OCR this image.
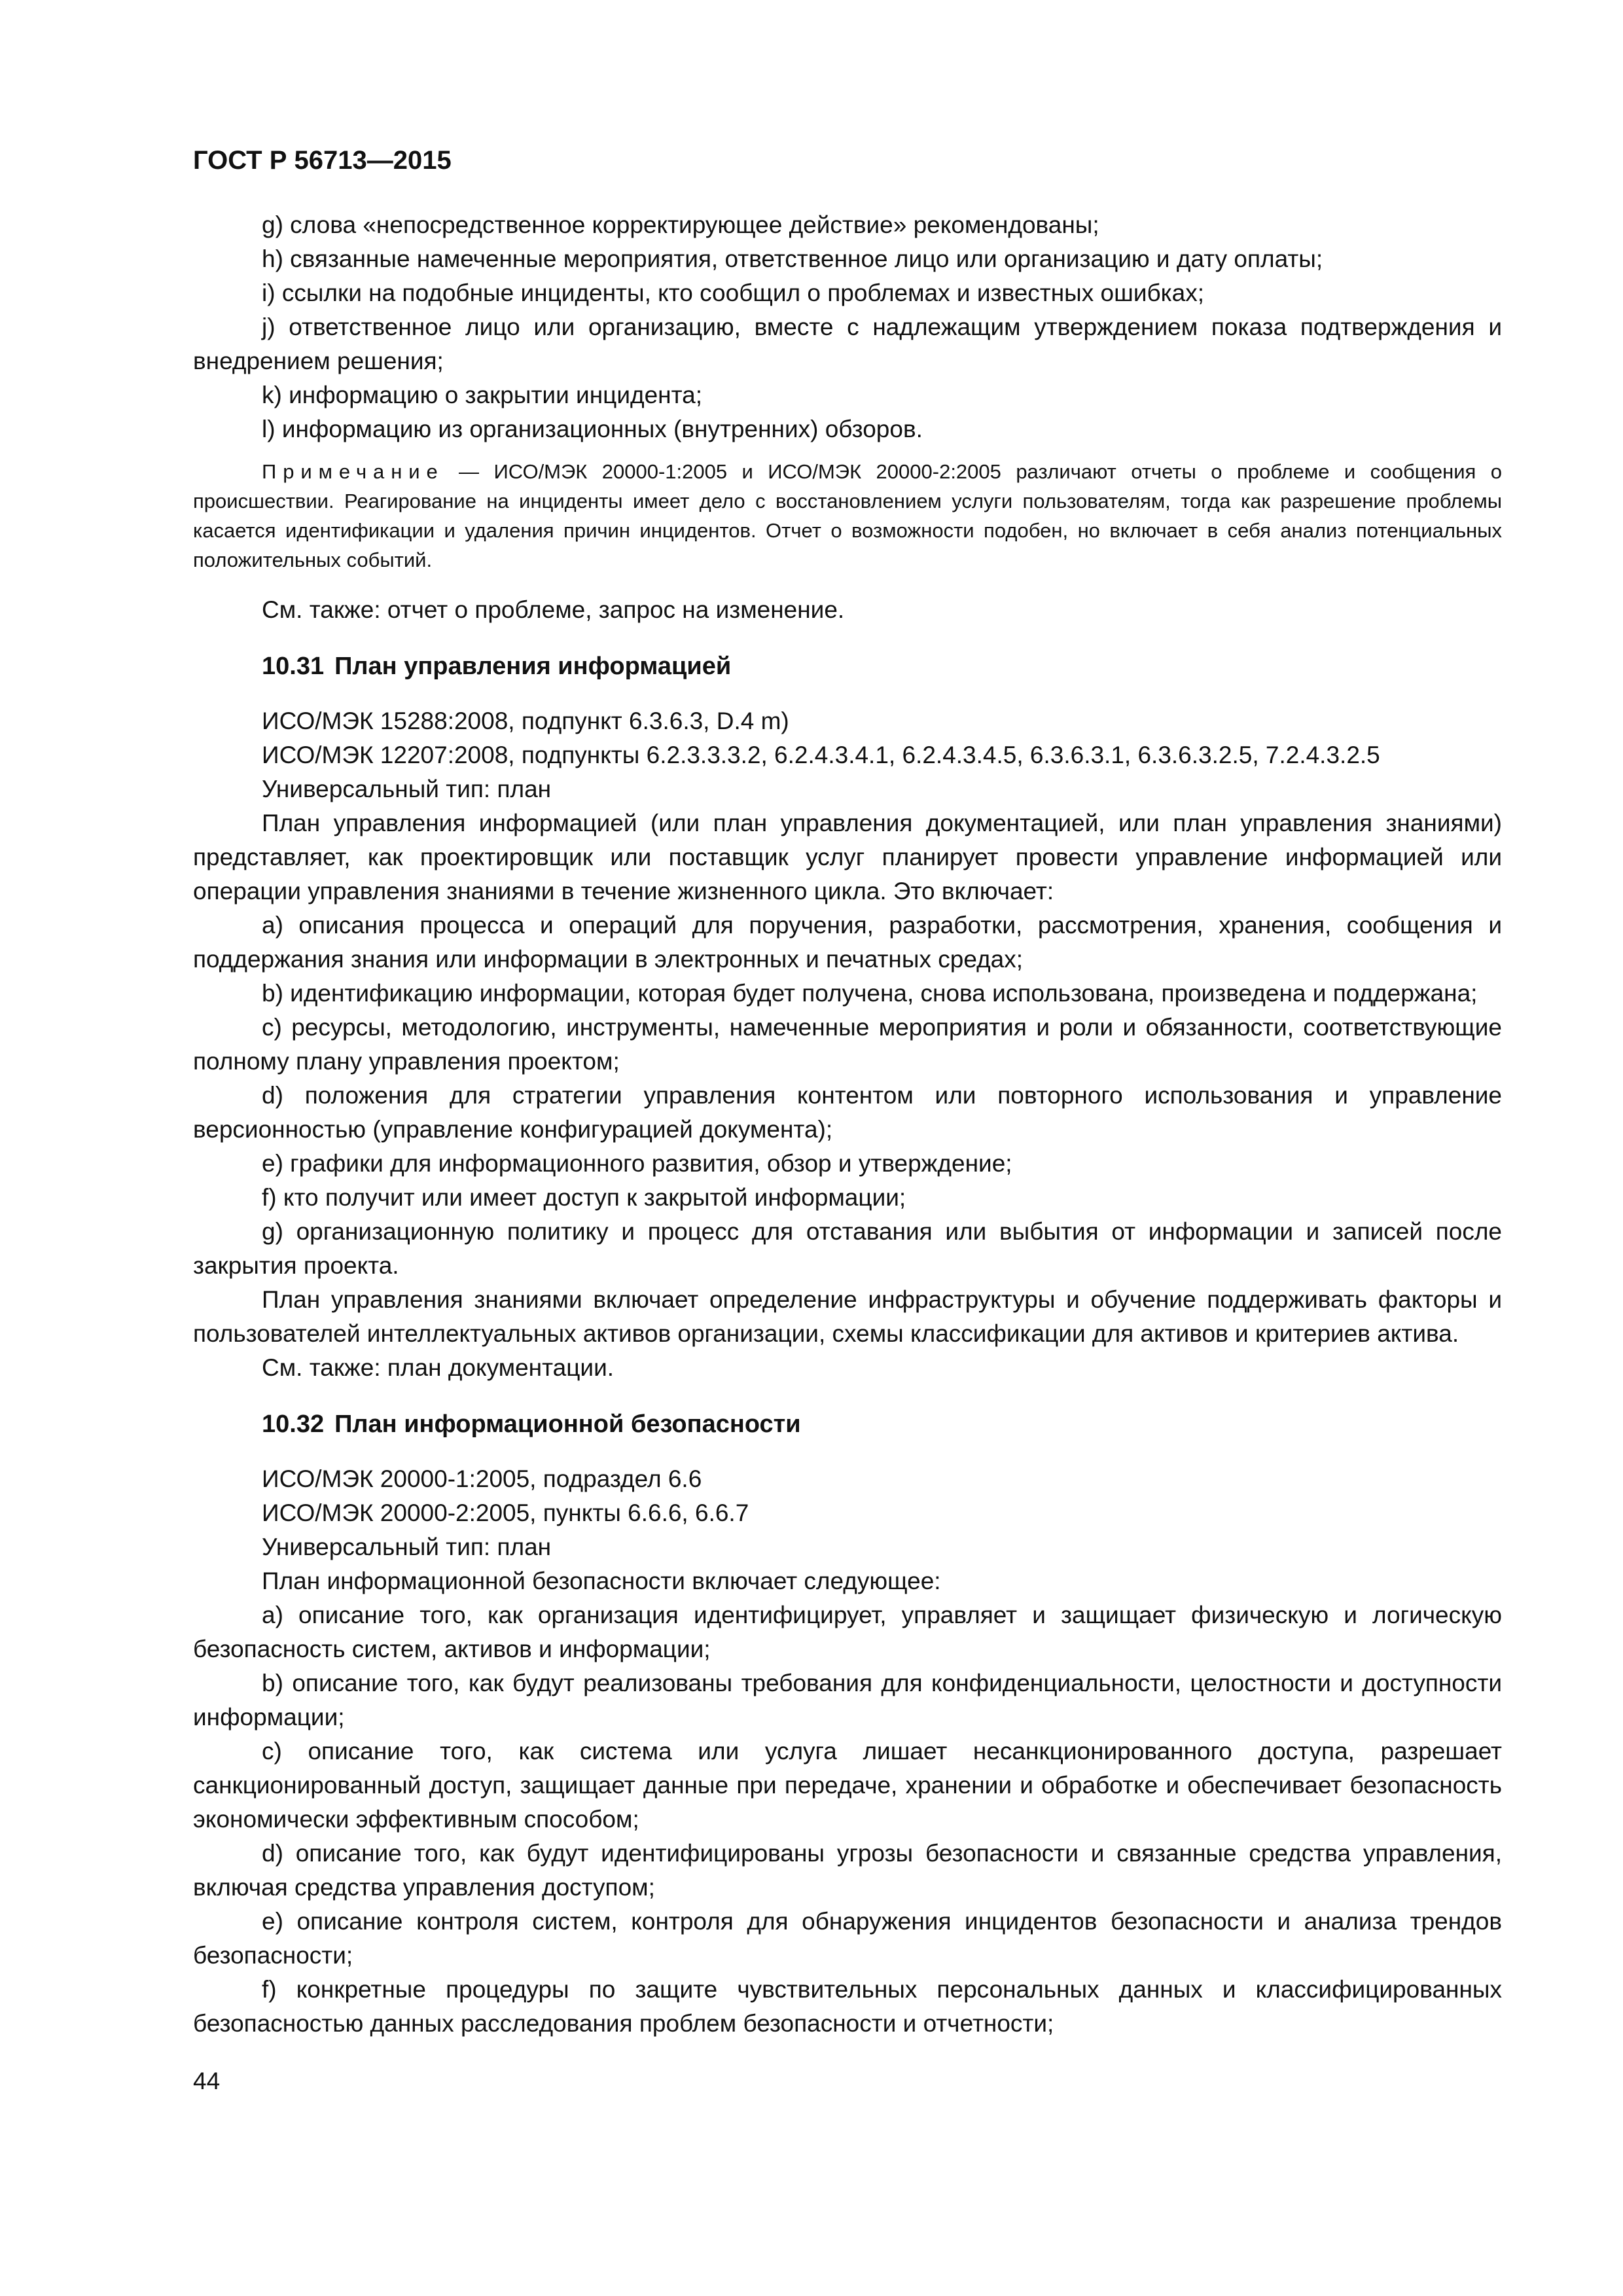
ГОСТ Р 56713—2015

g) слова «непосредственное корректирующее действие» рекомендованы;

h) связанные намеченные мероприятия, ответственное лицо или организацию и дату оплаты;

i) ссылки на подобные инциденты, кто сообщил о проблемах и известных ошибках;

j) ответственное лицо или организацию, вместе с надлежащим утверждением показа подтверждения и внедрением решения;

k) информацию о закрытии инцидента;

l) информацию из организационных (внутренних) обзоров.

Примечание — ИСО/МЭК 20000-1:2005 и ИСО/МЭК 20000-2:2005 различают отчеты о проблеме и сообщения о происшествии. Реагирование на инциденты имеет дело с восстановлением услуги пользователям, тогда как разрешение проблемы касается идентификации и удаления причин инцидентов. Отчет о возможности подобен, но включает в себя анализ потенциальных положительных событий.

См. также: отчет о проблеме, запрос на изменение.

10.31 План управления информацией

ИСО/МЭК 15288:2008, подпункт 6.3.6.3, D.4 m)

ИСО/МЭК 12207:2008, подпункты 6.2.3.3.3.2, 6.2.4.3.4.1, 6.2.4.3.4.5, 6.3.6.3.1, 6.3.6.3.2.5, 7.2.4.3.2.5

Универсальный тип: план

План управления информацией (или план управления документацией, или план управления знаниями) представляет, как проектировщик или поставщик услуг планирует провести управление информацией или операции управления знаниями в течение жизненного цикла. Это включает:

a) описания процесса и операций для поручения, разработки, рассмотрения, хранения, сообщения и поддержания знания или информации в электронных и печатных средах;

b) идентификацию информации, которая будет получена, снова использована, произведена и поддержана;

c) ресурсы, методологию, инструменты, намеченные мероприятия и роли и обязанности, соответствующие полному плану управления проектом;

d) положения для стратегии управления контентом или повторного использования и управление версионностью (управление конфигурацией документа);

e) графики для информационного развития, обзор и утверждение;

f) кто получит или имеет доступ к закрытой информации;

g) организационную политику и процесс для отставания или выбытия от информации и записей после закрытия проекта.

План управления знаниями включает определение инфраструктуры и обучение поддерживать факторы и пользователей интеллектуальных активов организации, схемы классификации для активов и критериев актива.

См. также: план документации.

10.32 План информационной безопасности

ИСО/МЭК 20000-1:2005, подраздел 6.6

ИСО/МЭК 20000-2:2005, пункты 6.6.6, 6.6.7

Универсальный тип: план

План информационной безопасности включает следующее:

a) описание того, как организация идентифицирует, управляет и защищает физическую и логическую безопасность систем, активов и информации;

b) описание того, как будут реализованы требования для конфиденциальности, целостности и доступности информации;

c) описание того, как система или услуга лишает несанкционированного доступа, разрешает санкционированный доступ, защищает данные при передаче, хранении и обработке и обеспечивает безопасность экономически эффективным способом;

d) описание того, как будут идентифицированы угрозы безопасности и связанные средства управления, включая средства управления доступом;

e) описание контроля систем, контроля для обнаружения инцидентов безопасности и анализа трендов безопасности;

f) конкретные процедуры по защите чувствительных персональных данных и классифицированных безопасностью данных расследования проблем безопасности и отчетности;

44
